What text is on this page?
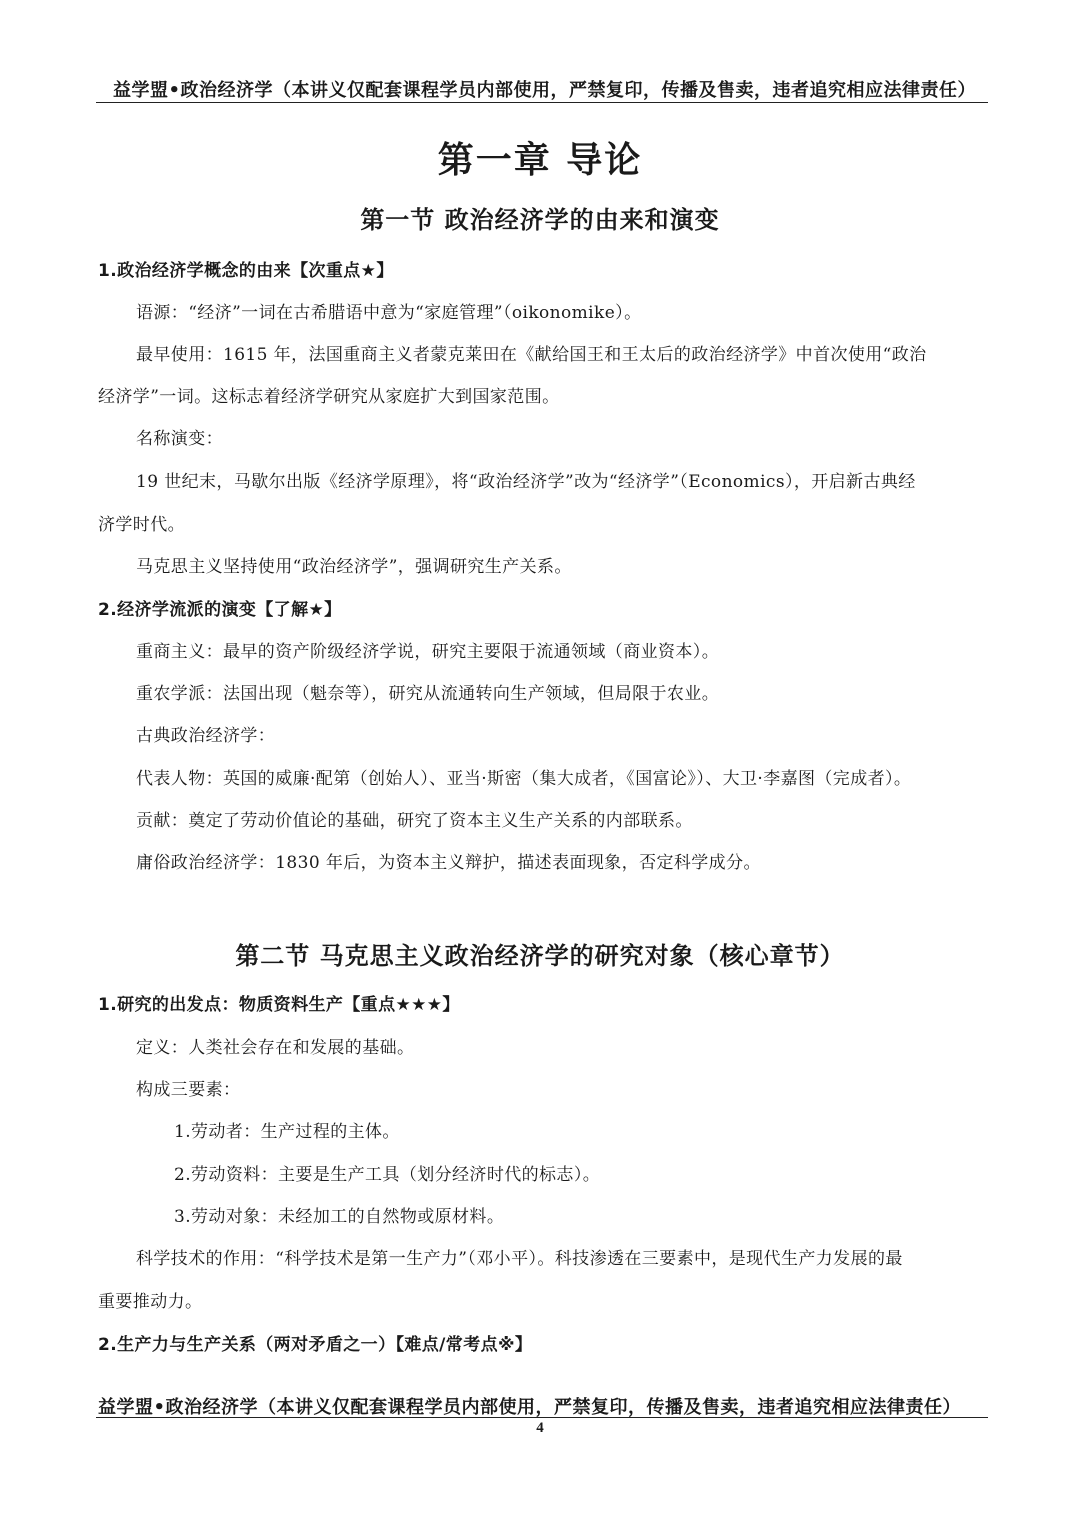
益学盟•政治经济学（本讲义仅配套课程学员内部使用，严禁复印，传播及售卖，违者追究相应法律责任）
第一章 导论
第一节 政治经济学的由来和演变
1.政治经济学概念的由来【次重点★】
语源：“经济”一词在古希腊语中意为“家庭管理”（oikonomike）。
最早使用：1615 年，法国重商主义者蒙克莱田在《献给国王和王太后的政治经济学》中首次使用“政治
经济学”一词。这标志着经济学研究从家庭扩大到国家范围。
名称演变：
19 世纪末，马歇尔出版《经济学原理》，将“政治经济学”改为“经济学”（Economics），开启新古典经
济学时代。
马克思主义坚持使用“政治经济学”，强调研究生产关系。
2.经济学流派的演变【了解★】
重商主义：最早的资产阶级经济学说，研究主要限于流通领域（商业资本）。
重农学派：法国出现（魁奈等），研究从流通转向生产领域，但局限于农业。
古典政治经济学：
代表人物：英国的威廉·配第（创始人）、亚当·斯密（集大成者，《国富论》）、大卫·李嘉图（完成者）。
贡献：奠定了劳动价值论的基础，研究了资本主义生产关系的内部联系。
庸俗政治经济学：1830 年后，为资本主义辩护，描述表面现象，否定科学成分。
第二节 马克思主义政治经济学的研究对象（核心章节）
1.研究的出发点：物质资料生产【重点★★★】
定义：人类社会存在和发展的基础。
构成三要素：
1.劳动者：生产过程的主体。
2.劳动资料：主要是生产工具（划分经济时代的标志）。
3.劳动对象：未经加工的自然物或原材料。
科学技术的作用：“科学技术是第一生产力”（邓小平）。科技渗透在三要素中，是现代生产力发展的最
重要推动力。
2.生产力与生产关系（两对矛盾之一）【难点/常考点※】
益学盟•政治经济学（本讲义仅配套课程学员内部使用，严禁复印，传播及售卖，违者追究相应法律责任）
4
